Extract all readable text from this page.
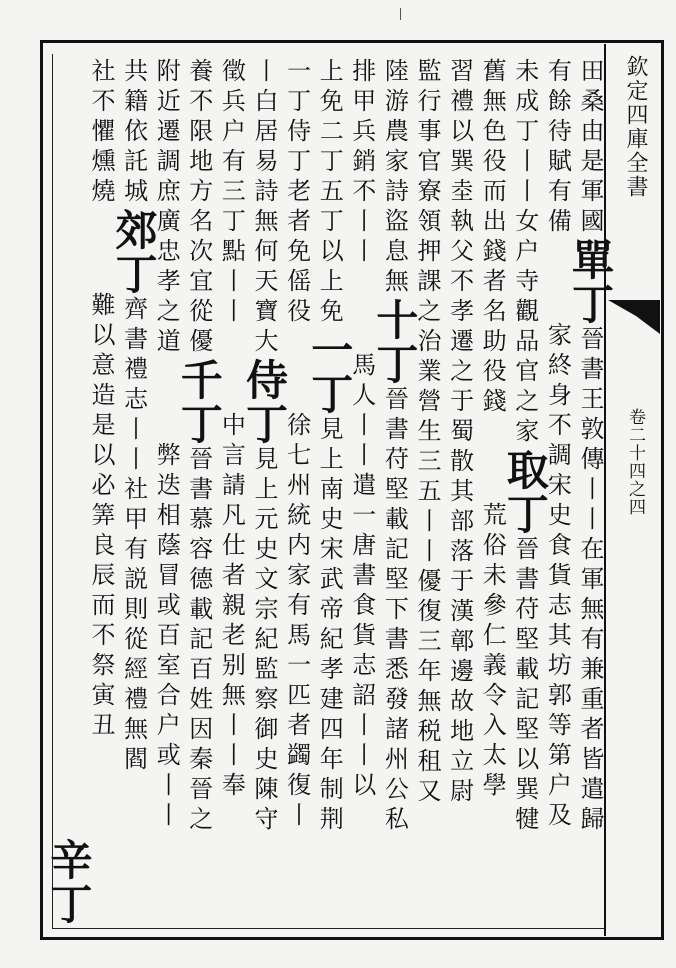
欽定四庫全書
卷二十四之四
田桑由是軍國單丁晉書王敦傳丨丨在軍無有兼重者皆遣歸
有餘待賦有備家終身不調宋史食貨志其坊郭等第户及
未成丁丨丨女户寺觀品官之家取丁晉書苻堅載記堅以巽犍
舊無色役而出錢者名助役錢荒俗未參仁義令入太學
習禮以巽坴執父不孝遷之于蜀散其部落于漢鄣邊故地立尉
監行事官寮領押課之治業營生三五丨丨優復三年無税租又
陸游農家詩盜息無十丁晉書苻堅載記堅下書悉發諸州公私
排甲兵銷不丨丨馬人丨丨遣一唐書食貨志詔丨丨以
上免二丁五丁以上免一丁見上南史宋武帝紀孝建四年制荆
一丁侍丁老者免傜役徐七州統内家有馬一匹者蠲復丨
丨白居易詩無何天寶大侍丁見上元史文宗紀監察御史陳守
徵兵户有三丁點丨丨中言請凡仕者親老别無丨丨奉
養不限地方名次宜從優千丁晉書慕容德載記百姓因秦晉之
附近遷調庶廣忠孝之道弊迭相蔭冒或百室合户或丨丨
共籍依託城郊丁齊書禮志丨丨社甲有説則從經禮無閻
社不懼燻燒難以意造是以必筭良辰而不祭寅丑
辛丁
